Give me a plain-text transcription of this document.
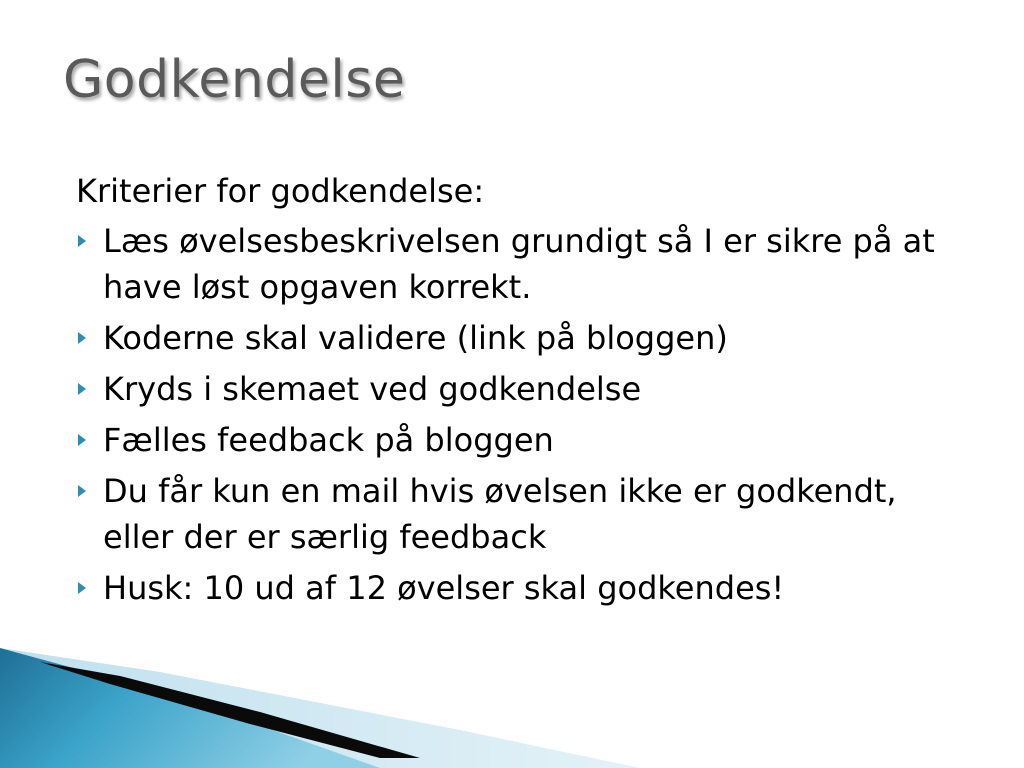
Godkendelse

Kriterier for godkendelse:

Læs øvelsesbeskrivelsen grundigt så I er sikre på at have løst opgaven korrekt.
Koderne skal validere (link på bloggen)
Kryds i skemaet ved godkendelse
Fælles feedback på bloggen
Du får kun en mail hvis øvelsen ikke er godkendt, eller der er særlig feedback
Husk: 10 ud af 12 øvelser skal godkendes!
